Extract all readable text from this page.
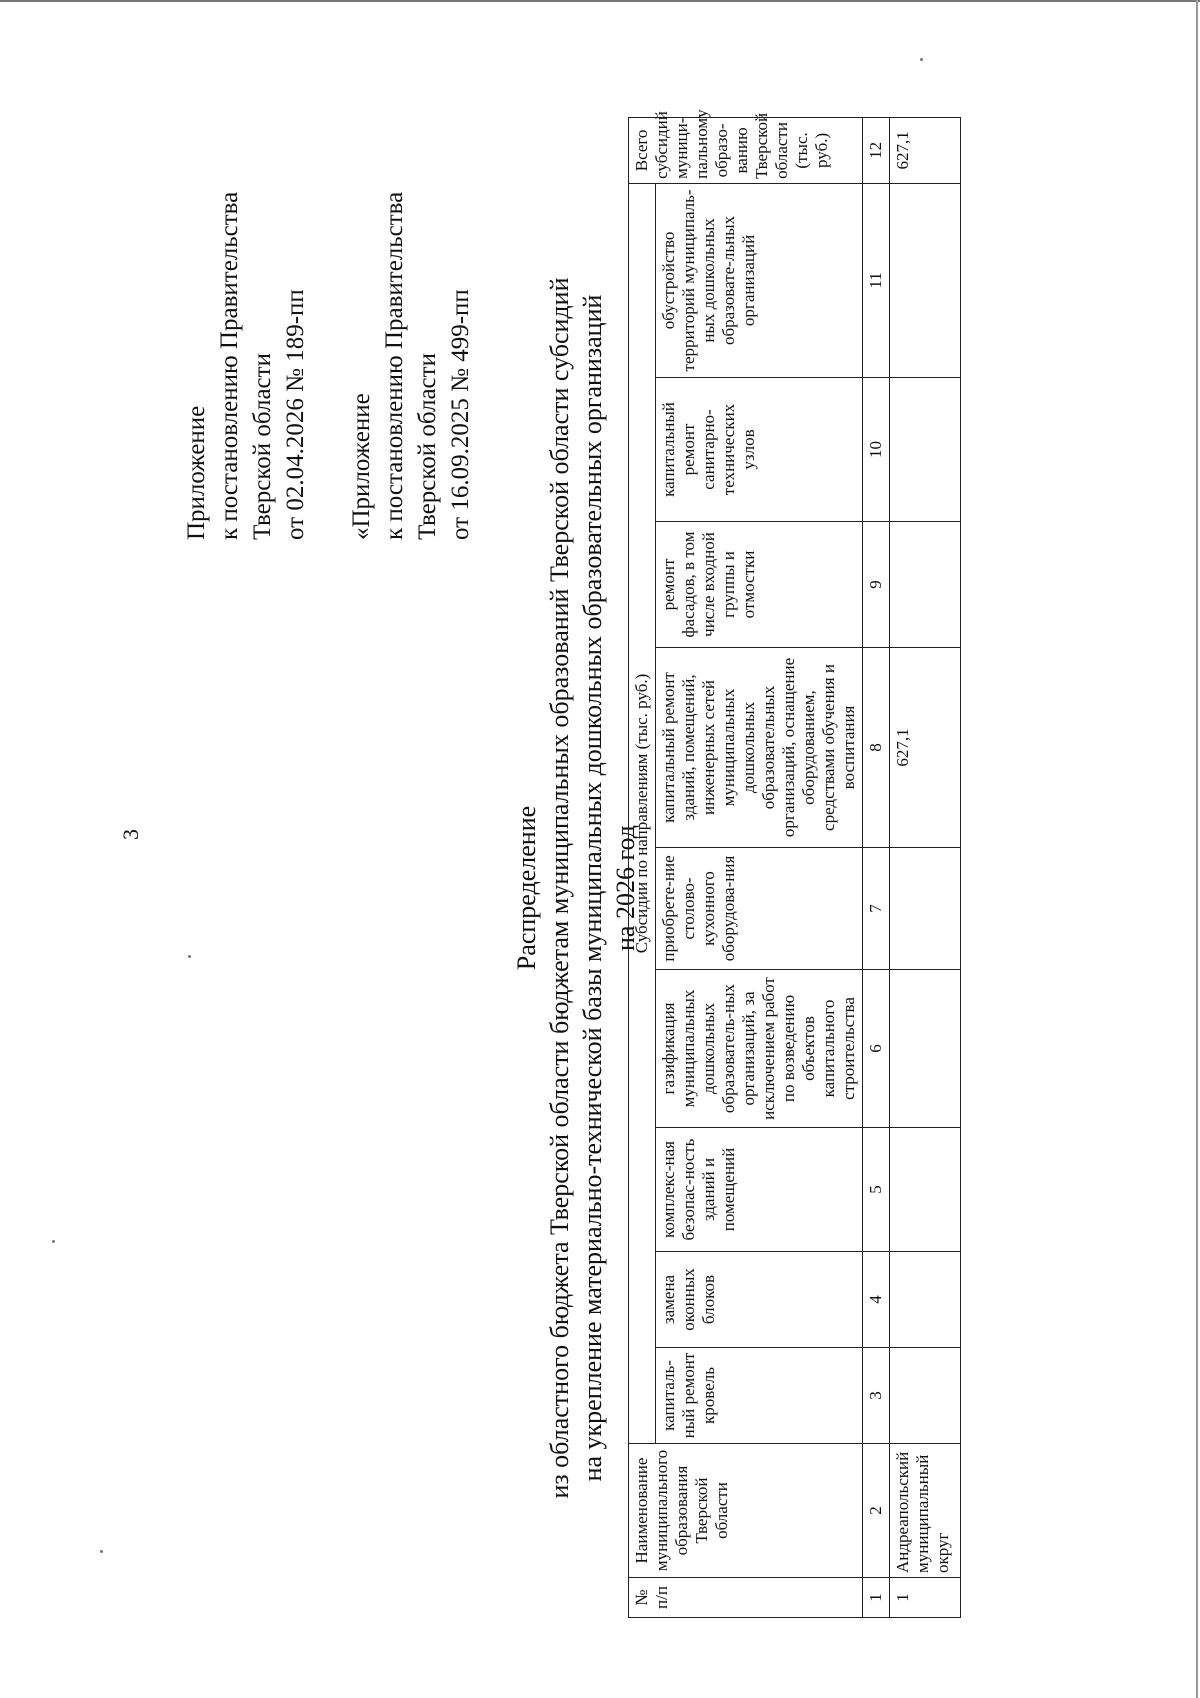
3
Приложение к постановлению Правительства Тверской области от 02.04.2026 № 189-пп «Приложение к постановлению Правительства Тверской области от 16.09.2025 № 499-пп
Распределение из областного бюджета Тверской области бюджетам муниципальных образований Тверской области субсидий на укрепление материально-технической базы муниципальных дошкольных образовательных организаций на 2026 год
№ п/п	Наименование муниципального образования Тверской области	Субсидии по направлениям (тыс. руб.)									Всего субсидий муници-пальному образо-ванию Тверской области (тыс. руб.)
		капиталь-ный ремонт кровель	замена оконных блоков	комплекс-ная безопас-ность зданий и помещений	газификация муниципальных дошкольных образователь-ных организаций, за исключением работ по возведению объектов капитального строительства	приобрете-ние столово-кухонного оборудова-ния	капитальный ремонт зданий, помещений, инженерных сетей муниципальных дошкольных образовательных организаций, оснащение оборудованием, средствами обучения и воспитания	ремонт фасадов, в том числе входной группы и отмостки	капитальный ремонт санитарно-технических узлов	обустройство территорий муниципаль-ных дошкольных образовате-льных организаций	
1	2	3	4	5	6	7	8	9	10	11	12
1	Андреапольский муниципальный округ						627,1				627,1
